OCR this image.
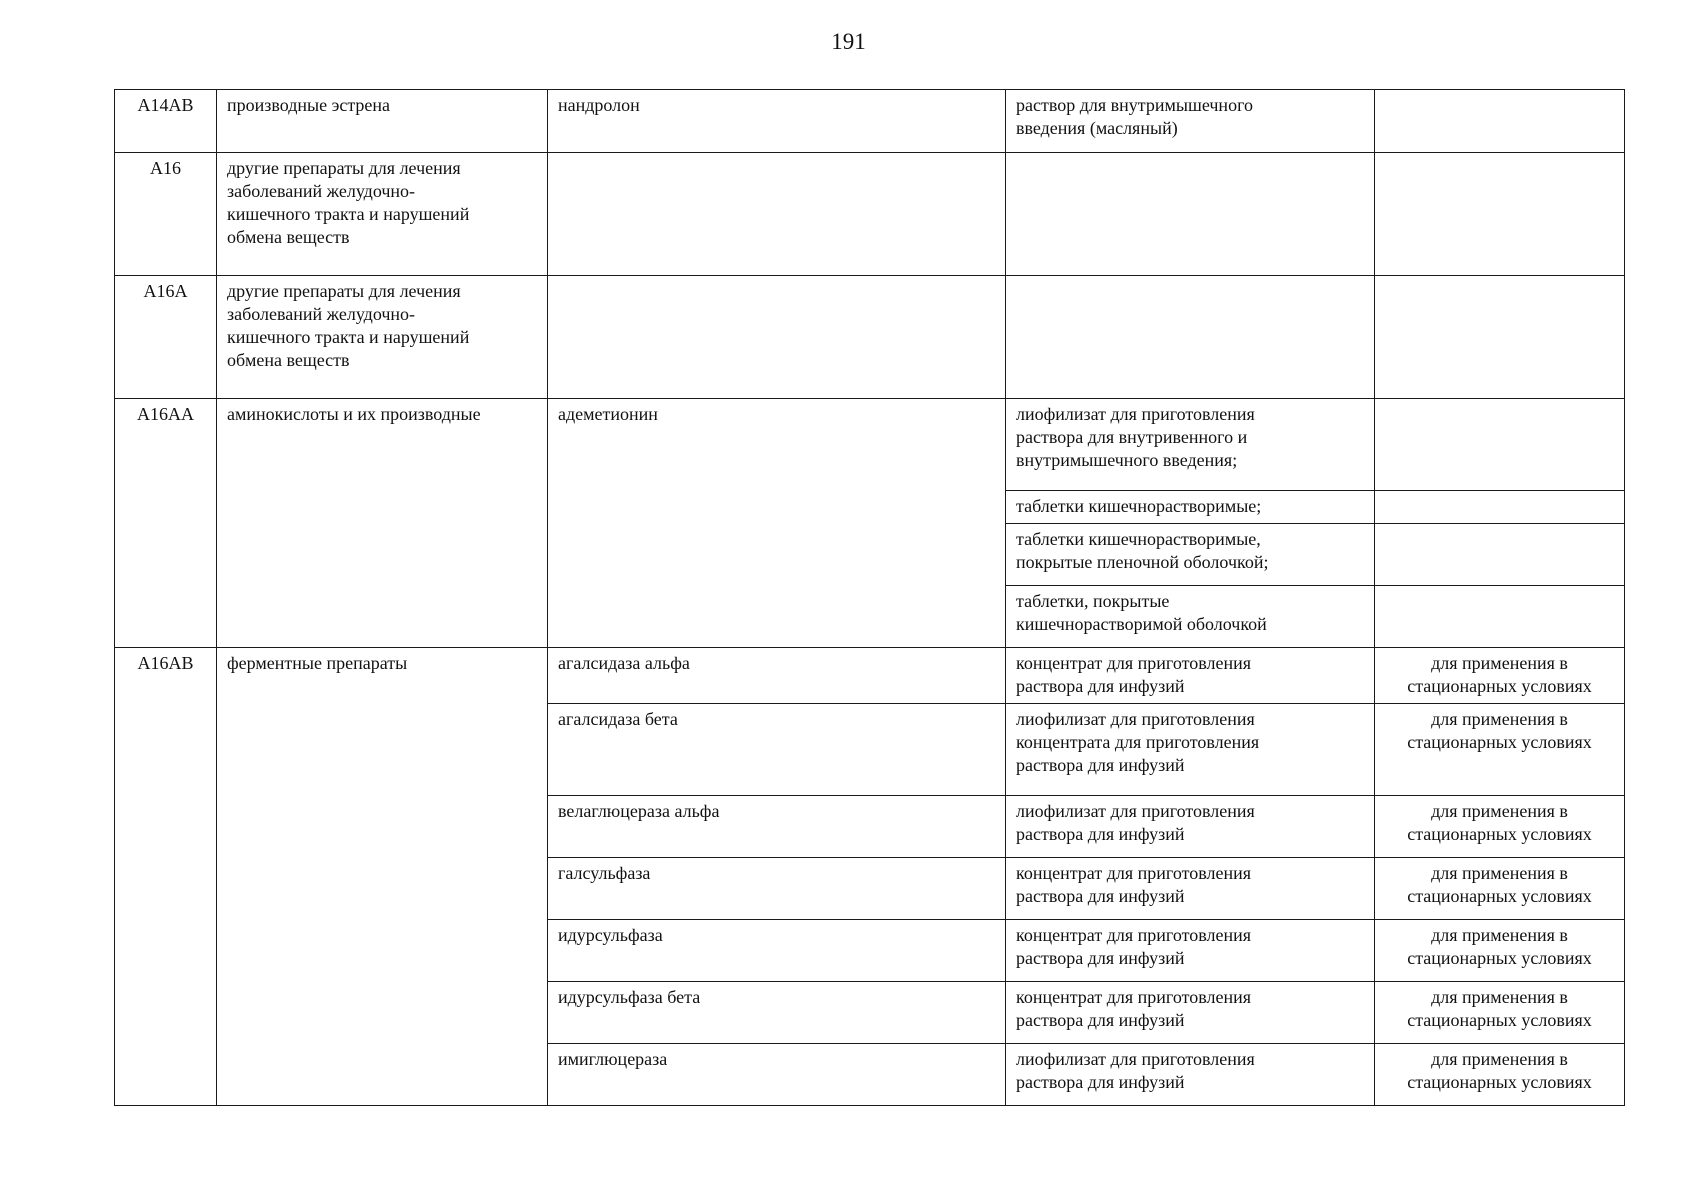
191
A14AB	производные эстрена	нандролон	раствор для внутримышечного
введения (масляный)	
A16	другие препараты для лечения
заболеваний желудочно-
кишечного тракта и нарушений
обмена веществ			
A16A	другие препараты для лечения
заболеваний желудочно-
кишечного тракта и нарушений
обмена веществ			
A16AA	аминокислоты и их производные	адеметионин	лиофилизат для приготовления
раствора для внутривенного и
внутримышечного введения;	
			таблетки кишечнорастворимые;	
			таблетки кишечнорастворимые,
покрытые пленочной оболочкой;	
			таблетки, покрытые
кишечнорастворимой оболочкой	
A16AB	ферментные препараты	агалсидаза альфа	концентрат для приготовления
раствора для инфузий	для применения в стационарных условиях
		агалсидаза бета	лиофилизат для приготовления
концентрата для приготовления
раствора для инфузий	для применения в стационарных условиях
		велаглюцераза альфа	лиофилизат для приготовления
раствора для инфузий	для применения в стационарных условиях
		галсульфаза	концентрат для приготовления
раствора для инфузий	для применения в стационарных условиях
		идурсульфаза	концентрат для приготовления
раствора для инфузий	для применения в стационарных условиях
		идурсульфаза бета	концентрат для приготовления
раствора для инфузий	для применения в стационарных условиях
		имиглюцераза	лиофилизат для приготовления
раствора для инфузий	для применения в стационарных условиях
